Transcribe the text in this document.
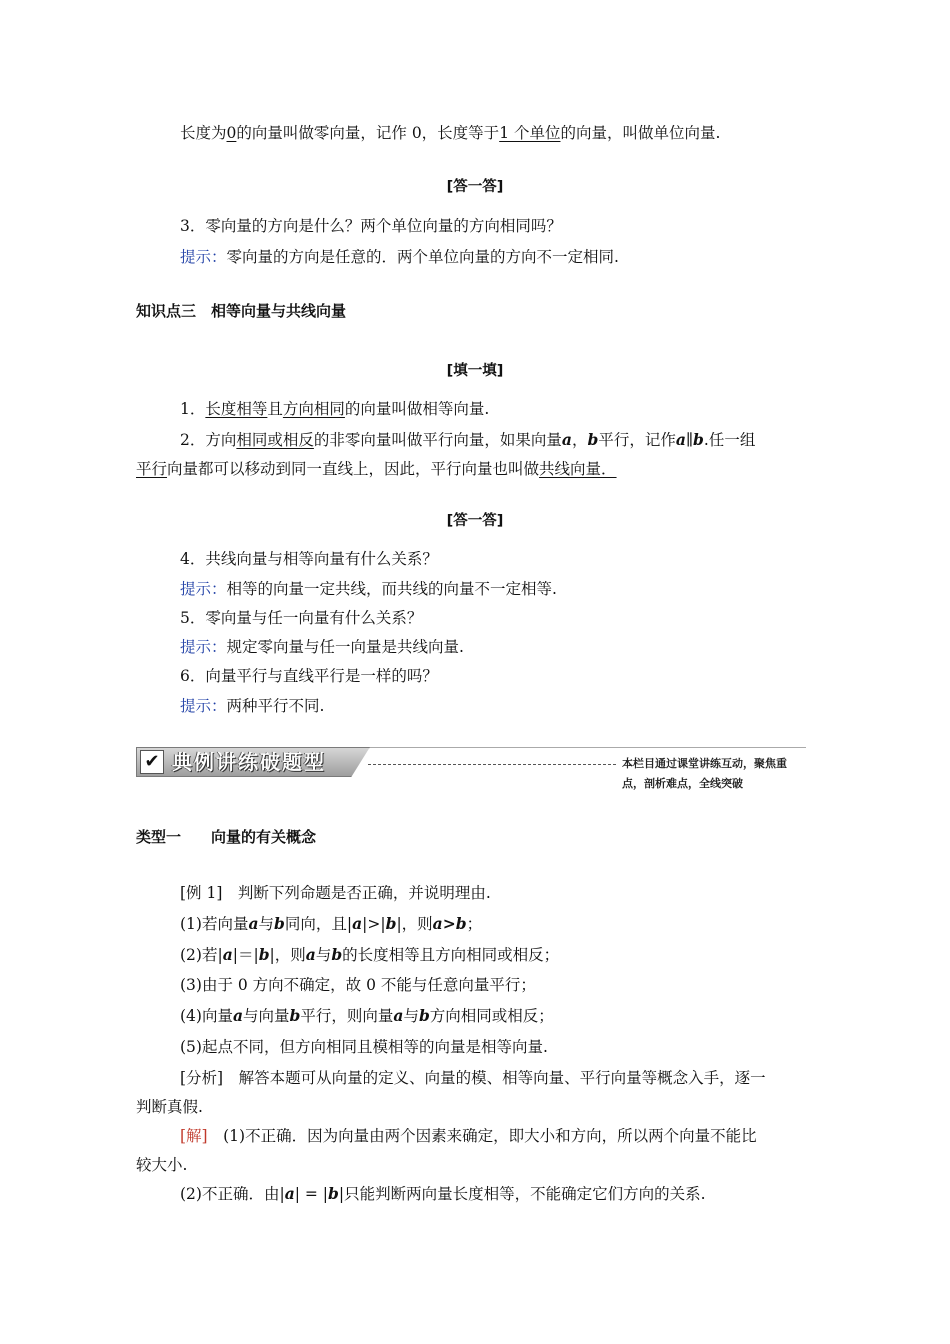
长度为0的向量叫做零向量，记作 0，长度等于1 个单位的向量，叫做单位向量.
[答一答]
3．零向量的方向是什么？两个单位向量的方向相同吗？
提示：零向量的方向是任意的．两个单位向量的方向不一定相同.
知识点三　相等向量与共线向量
[填一填]
1．长度相等且方向相同的向量叫做相等向量.
2．方向相同或相反的非零向量叫做平行向量，如果向量a，b平行，记作a∥b.任一组
平行向量都可以移动到同一直线上，因此，平行向量也叫做共线向量．
[答一答]
4．共线向量与相等向量有什么关系？
提示：相等的向量一定共线，而共线的向量不一定相等.
5．零向量与任一向量有什么关系？
提示：规定零向量与任一向量是共线向量.
6．向量平行与直线平行是一样的吗？
提示：两种平行不同.
✔ 典例讲练破题型	本栏目通过课堂讲练互动，聚焦重点，剖析难点，全线突破
类型一　　向量的有关概念
[例 1]　 判断下列命题是否正确，并说明理由.
(1)若向量a与b同向，且|a|>|b|，则a>b；
(2)若|a|＝|b|，则a与b的长度相等且方向相同或相反；
(3)由于 0 方向不确定，故 0 不能与任意向量平行；
(4)向量a与向量b平行，则向量a与b方向相同或相反；
(5)起点不同，但方向相同且模相等的向量是相等向量.
[分析]　 解答本题可从向量的定义、向量的模、相等向量、平行向量等概念入手，逐一
判断真假.
[解]　 (1)不正确．因为向量由两个因素来确定，即大小和方向，所以两个向量不能比
较大小.
(2)不正确．由|a| = |b|只能判断两向量长度相等，不能确定它们方向的关系.
